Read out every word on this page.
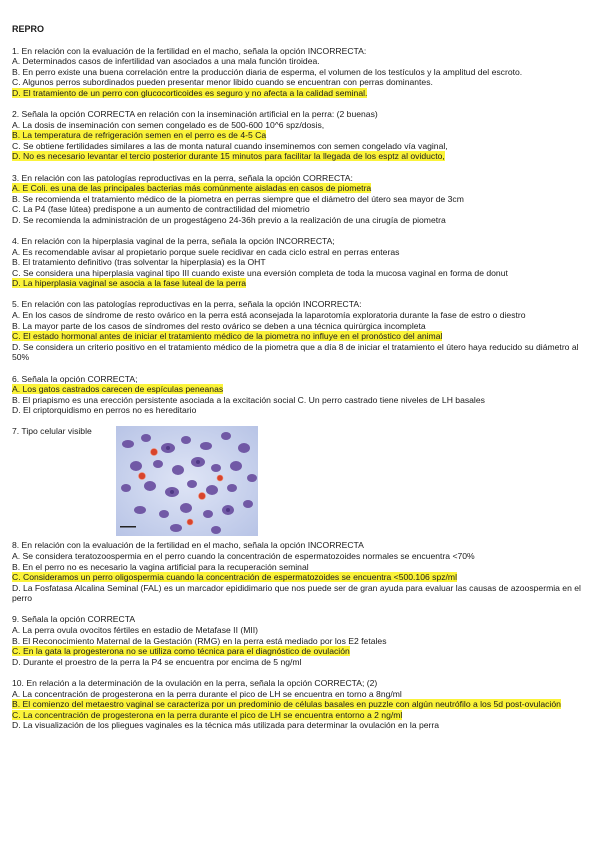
REPRO
1. En relación con la evaluación de la fertilidad en el macho, señala la opción INCORRECTA:
A. Determinados casos de infertilidad van asociados a una mala función tiroidea.
B. En perro existe una buena correlación entre la producción diaria de esperma, el volumen de los testículos y la amplitud del escroto.
C. Algunos perros subordinados pueden presentar menor libido cuando se encuentran con perras dominantes.
D. El tratamiento de un perro con glucocorticoides es seguro y no afecta a la calidad seminal.
2. Señala la opción CORRECTA en relación con la inseminación artificial en la perra: (2 buenas)
A. La dosis de inseminación con semen congelado es de 500-600 10^6 spz/dosis,
B. La temperatura de refrigeración semen en el perro es de 4-5 Ca
C. Se obtiene fertilidades similares a las de monta natural cuando inseminemos con semen congelado vía vaginal,
D. No es necesario levantar el tercio posterior durante 15 minutos para facilitar la llegada de los esptz al oviducto,
3. En relación con las patologías reproductivas en la perra, señala la opción CORRECTA:
A. E Coli. es una de las principales bacterias más comúnmente aisladas en casos de piometra
B. Se recomienda el tratamiento médico de la piometra en perras siempre que el diámetro del útero sea mayor de 3cm
C. La P4 (fase lútea) predispone a un aumento de contractilidad del miometrio
D. Se recomienda la administración de un progestágeno 24-36h previo a la realización de una cirugía de piometra
4. En relación con la hiperplasia vaginal de la perra, señala la opción INCORRECTA;
A. Es recomendable avisar al propietario porque suele recidivar en cada ciclo estral en perras enteras
B. El tratamiento definitivo (tras solventar la hiperplasia) es la OHT
C. Se considera una hiperplasia vaginal tipo III cuando existe una eversión completa de toda la mucosa vaginal en forma de donut
D. La hiperplasia vaginal se asocia a la fase luteal de la perra
5. En relación con las patologías reproductivas en la perra, señala la opción INCORRECTA:
A. En los casos de síndrome de resto ovárico en la perra está aconsejada la laparotomía exploratoria durante la fase de estro o diestro
B. La mayor parte de los casos de síndromes del resto ovárico se deben a una técnica quirúrgica incompleta
C. El estado hormonal antes de iniciar el tratamiento médico de la piometra no influye en el pronóstico del animal
D. Se considera un criterio positivo en el tratamiento médico de la piometra que a día 8 de iniciar el tratamiento el útero haya reducido su diámetro al 50%
6. Señala la opción CORRECTA;
A. Los gatos castrados carecen de espículas peneanas
B. El priapismo es una erección persistente asociada a la excitación social C. Un perro castrado tiene niveles de LH basales
D. El criptorquidismo en perros no es hereditario
7. Tipo celular visible
8. En relación con la evaluación de la fertilidad en el macho, señala la opción INCORRECTA
A. Se considera teratozoospermia en el perro cuando la concentración de espermatozoides normales se encuentra <70%
B. En el perro no es necesario la vagina artificial para la recuperación seminal
C. Consideramos un perro oligospermia cuando la concentración de espermatozoides se encuentra <500.106 spz/ml
D. La Fosfatasa Alcalina Seminal (FAL) es un marcador epididimario que nos puede ser de gran ayuda para evaluar las causas de azoospermia en el perro
9. Señala la opción CORRECTA
A. La perra ovula ovocitos fértiles en estadio de Metafase II (MII)
B. El Reconocimiento Maternal de la Gestación (RMG) en la perra está mediado por los E2 fetales
C. En la gata la progesterona no se utiliza como técnica para el diagnóstico de ovulación
D. Durante el proestro de la perra la P4 se encuentra por encima de 5 ng/ml
10. En relación a la determinación de la ovulación en la perra, señala la opción CORRECTA; (2)
A. La concentración de progesterona en la perra durante el pico de LH se encuentra en torno a 8ng/ml
B. El comienzo del metaestro vaginal se caracteriza por un predominio de células basales en puzzle con algún neutrófilo a los 5d post-ovulación
C. La concentración de progesterona en la perra durante el pico de LH se encuentra entorno a 2 ng/ml
D. La visualización de los pliegues vaginales es la técnica más utilizada para determinar la ovulación en la perra
